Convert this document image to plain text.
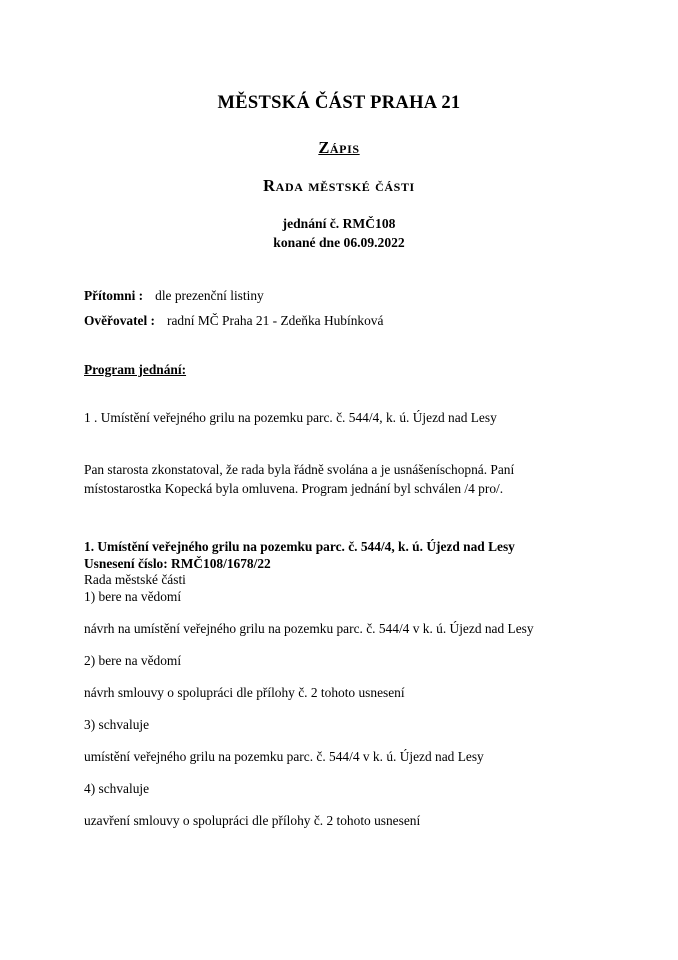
MĚSTSKÁ ČÁST PRAHA 21
Zápis
Rada městské části
jednání č. RMČ108
konané dne 06.09.2022
Přítomni : dle prezenční listiny
Ověřovatel : radní MČ Praha 21 - Zdeňka Hubínková
Program jednání:
1 . Umístění veřejného grilu na pozemku parc. č. 544/4, k. ú. Újezd nad Lesy
Pan starosta zkonstatoval, že rada byla řádně svolána a je usnášeníschopná. Paní místostarostka Kopecká byla omluvena. Program jednání byl schválen /4 pro/.
1. Umístění veřejného grilu na pozemku parc. č. 544/4, k. ú. Újezd nad Lesy
Usnesení číslo: RMČ108/1678/22
Rada městské části
1) bere na vědomí
návrh na umístění veřejného grilu na pozemku parc. č. 544/4 v k. ú. Újezd nad Lesy
2) bere na vědomí
návrh smlouvy o spolupráci dle přílohy č. 2 tohoto usnesení
3) schvaluje
umístění veřejného grilu na pozemku parc. č. 544/4 v k. ú. Újezd nad Lesy
4) schvaluje
uzavření smlouvy o spolupráci dle přílohy č. 2 tohoto usnesení
